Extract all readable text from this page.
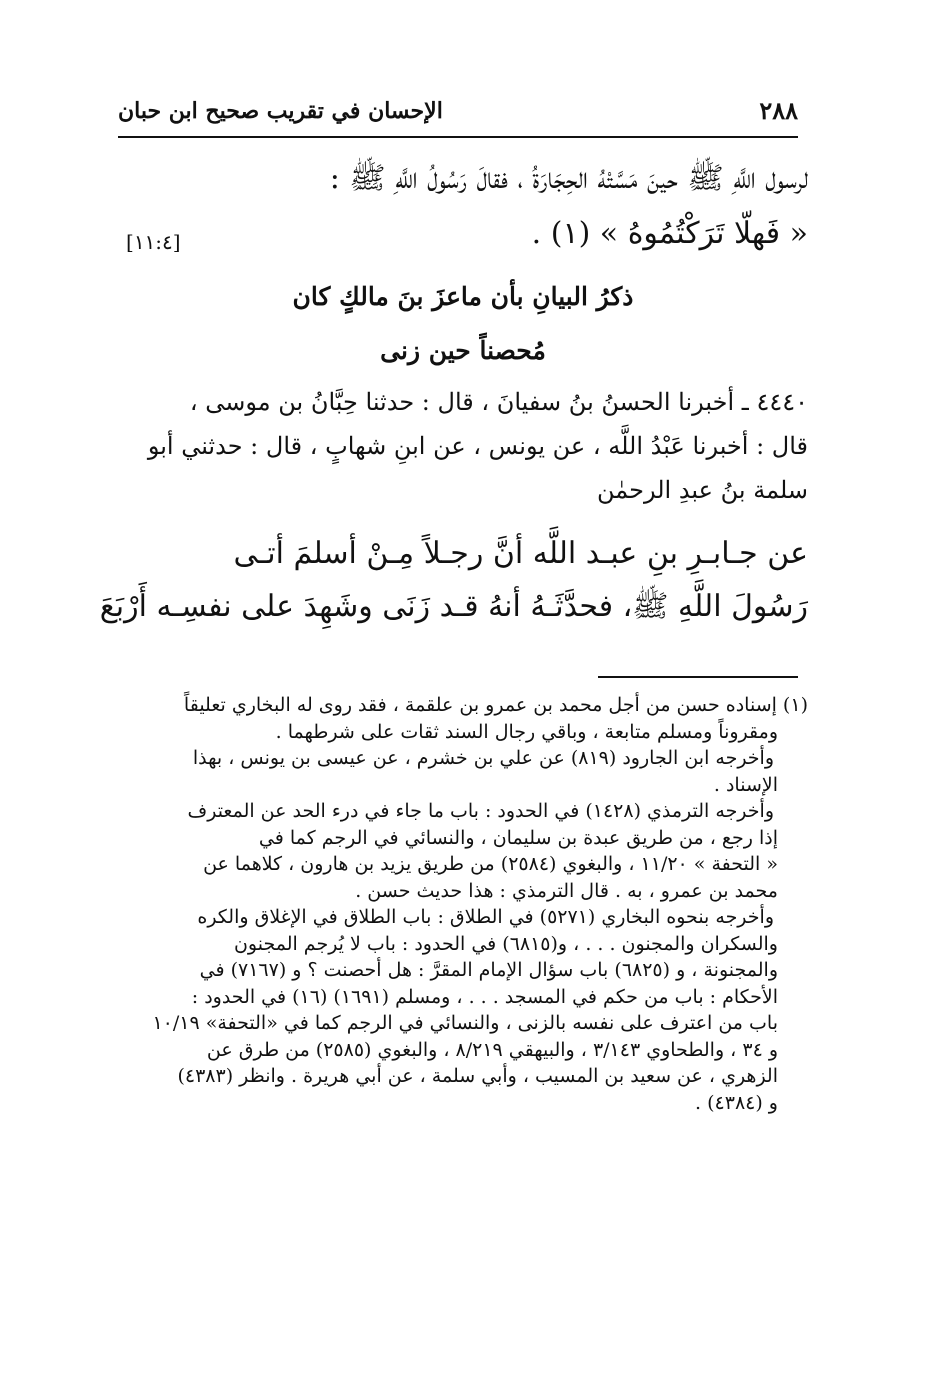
٢٨٨
الإحسان في تقريب صحيح ابن حبان
لرسول اللَّهِ ﷺ حينَ مَسَّتْهُ الحِجَارَةُ ، فقالَ رَسُولُ اللَّهِ ﷺ :
« فَهلّا تَرَكْتُمُوهُ » (١) .
[١١:٤]
ذكرُ البيانِ بأن ماعزَ بنَ مالكٍ كان
مُحصناً حين زنى
٤٤٤٠ ـ أخبرنا الحسنُ بنُ سفيانَ ، قال : حدثنا حِبَّانُ بن موسى ،
قال : أخبرنا عَبْدُ اللَّه ، عن يونس ، عن ابنِ شهابٍ ، قال : حدثني أبو
سلمة بنُ عبدِ الرحمٰن
عن جـابـرِ بنِ عبـد اللَّه أنَّ رجـلاً مِـنْ أسلمَ أتـى
رَسُولَ اللَّهِ ﷺ، فحدَّثَـهُ أنهُ قـد زَنَى وشَهِدَ على نفسِـه أَرْبَعَ
(١) إسناده حسن من أجل محمد بن عمرو بن علقمة ، فقد روى له البخاري تعليقاً
ومقروناً ومسلم متابعة ، وباقي رجال السند ثقات على شرطهما .
وأخرجه ابن الجارود (٨١٩) عن علي بن خشرم ، عن عيسى بن يونس ، بهذا
الإسناد .
وأخرجه الترمذي (١٤٢٨) في الحدود : باب ما جاء في درء الحد عن المعترف
إذا رجع ، من طريق عبدة بن سليمان ، والنسائي في الرجم كما في
« التحفة » ١١/٢٠ ، والبغوي (٢٥٨٤) من طريق يزيد بن هارون ، كلاهما عن
محمد بن عمرو ، به . قال الترمذي : هذا حديث حسن .
وأخرجه بنحوه البخاري (٥٢٧١) في الطلاق : باب الطلاق في الإغلاق والكره
والسكران والمجنون . . . ، و(٦٨١٥) في الحدود : باب لا يُرجم المجنون
والمجنونة ، و (٦٨٢٥) باب سؤال الإمام المقرَّ : هل أحصنت ؟ و (٧١٦٧) في
الأحكام : باب من حكم في المسجد . . . ، ومسلم (١٦٩١) (١٦) في الحدود :
باب من اعترف على نفسه بالزنى ، والنسائي في الرجم كما في «التحفة» ١٠/١٩
و ٣٤ ، والطحاوي ٣/١٤٣ ، والبيهقي ٨/٢١٩ ، والبغوي (٢٥٨٥) من طرق عن
الزهري ، عن سعيد بن المسيب ، وأبي سلمة ، عن أبي هريرة . وانظر (٤٣٨٣)
و (٤٣٨٤) .
